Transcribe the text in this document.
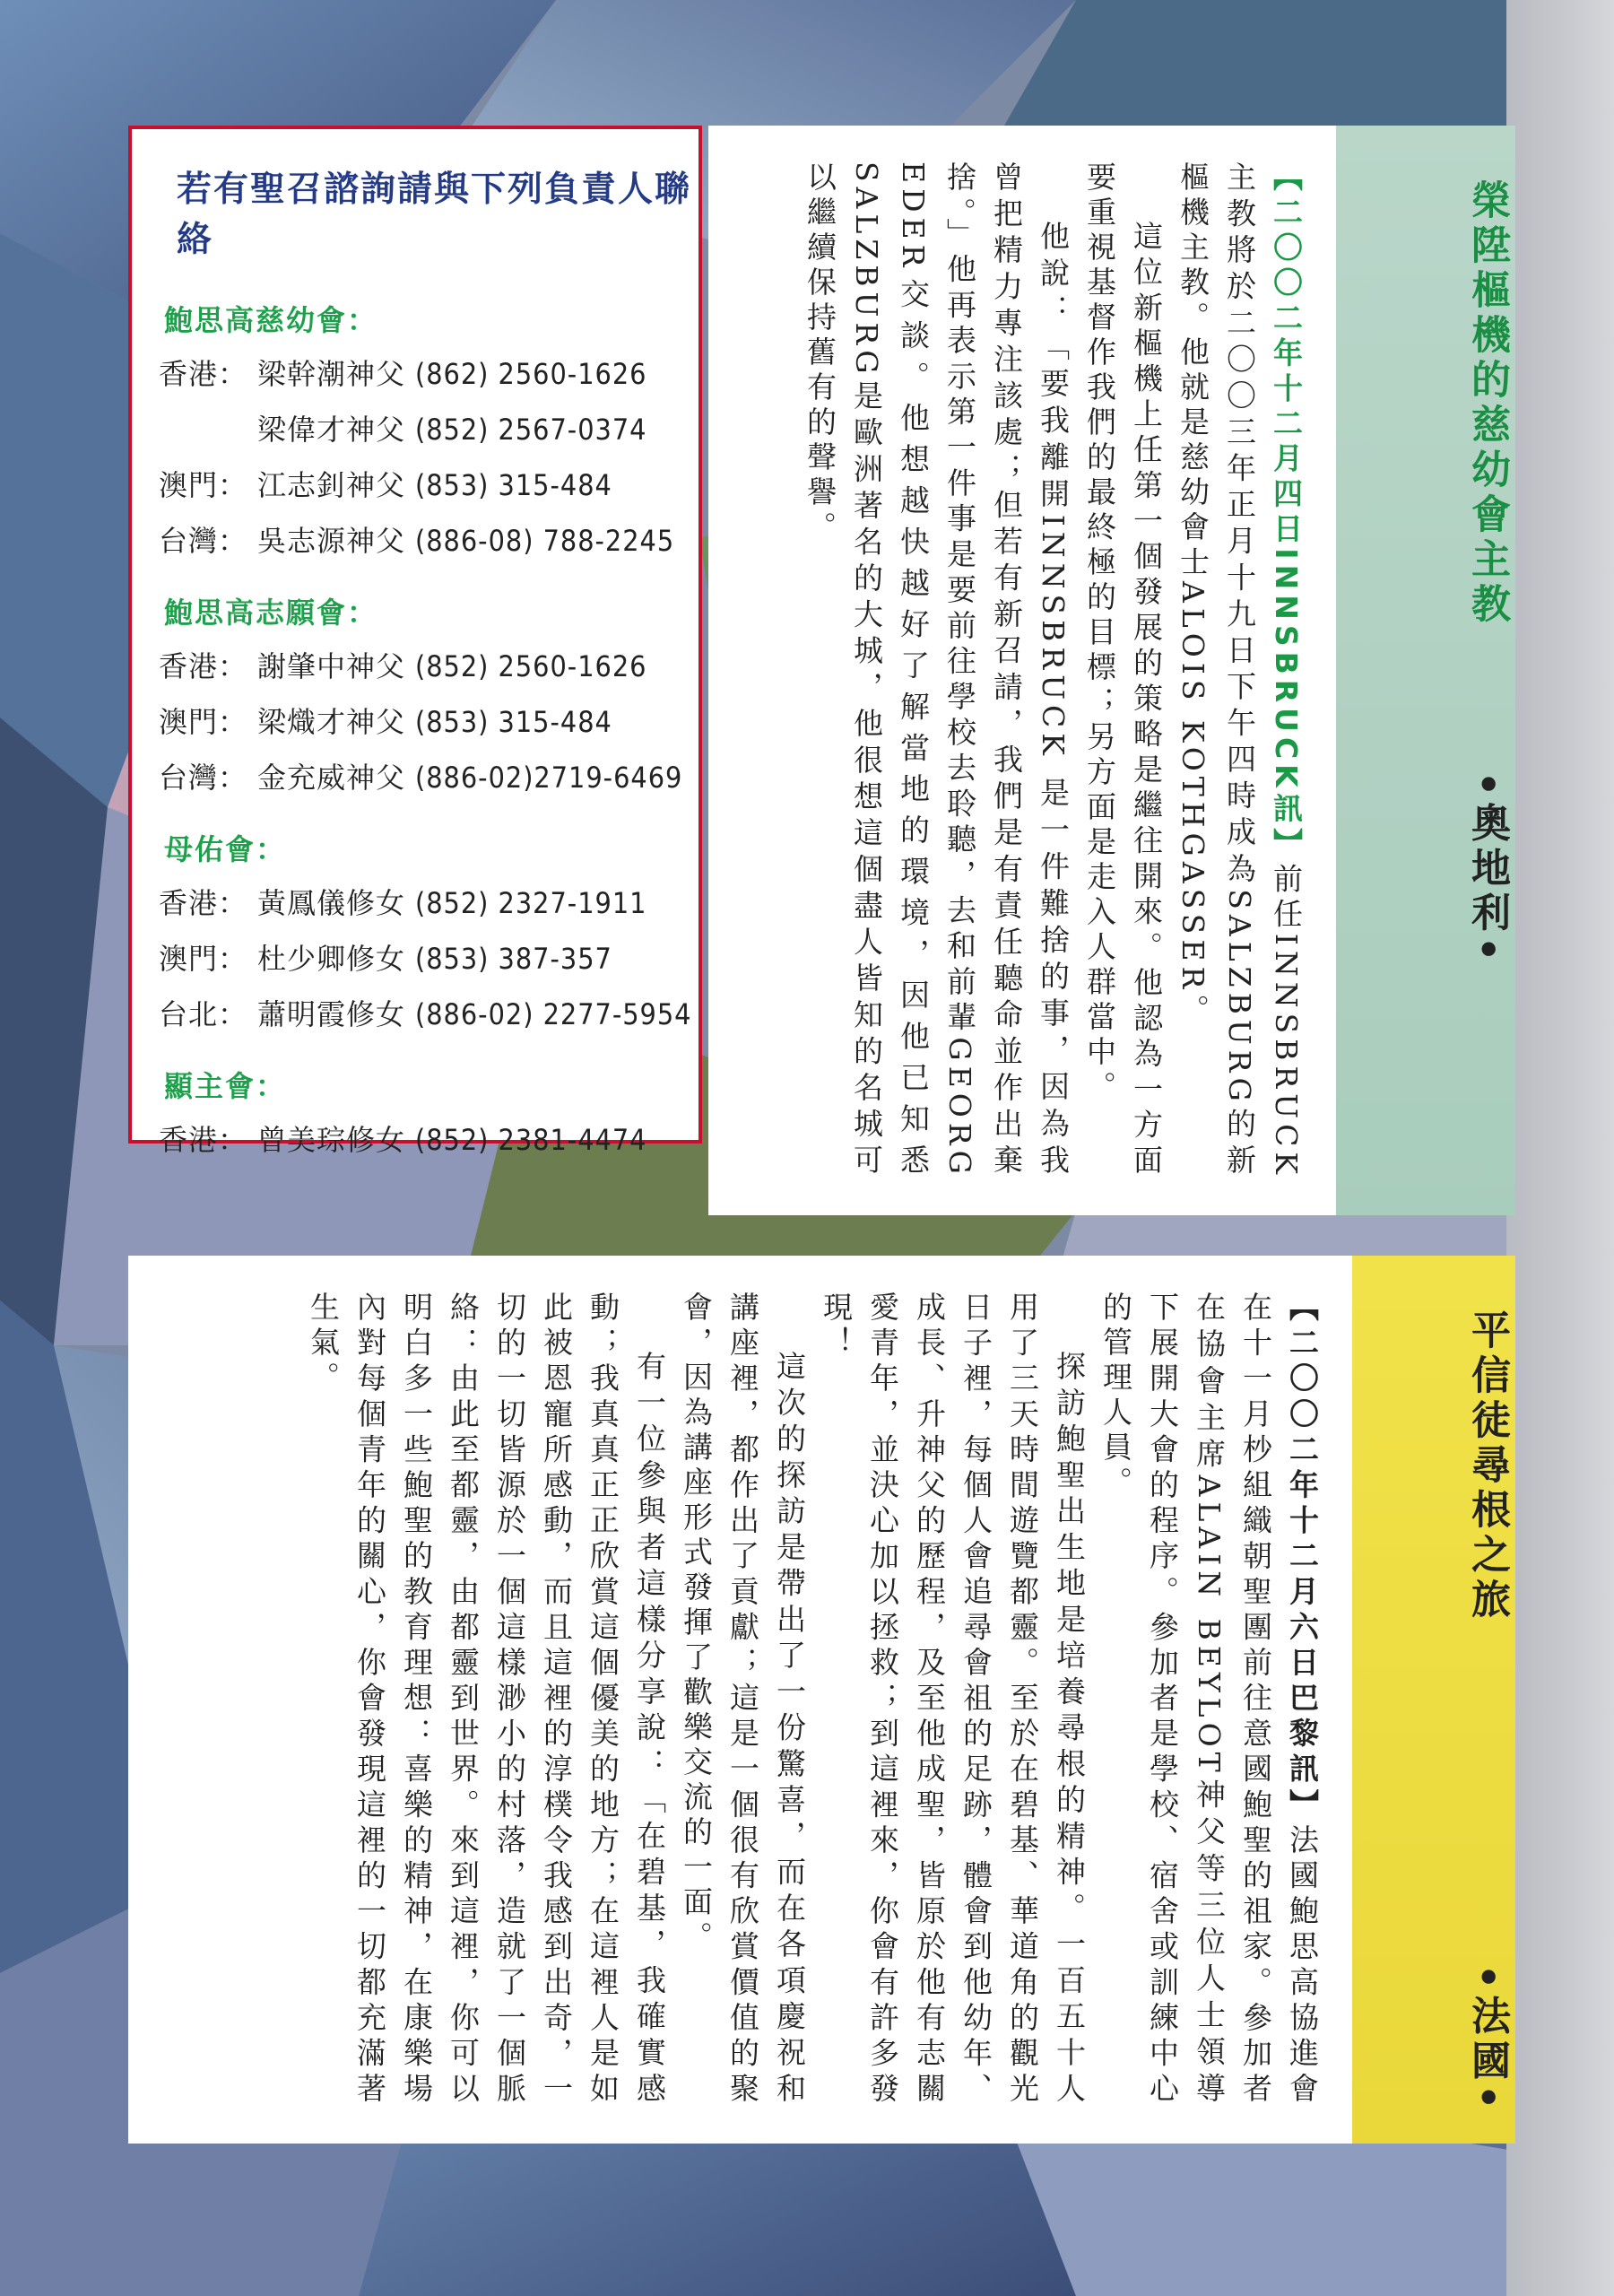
若有聖召諮詢請與下列負責人聯絡
鮑思高慈幼會：
香港： 梁幹潮神父 (862) 2560-1626
梁偉才神父 (852) 2567-0374
澳門： 江志釗神父 (853) 315-484
台灣： 吳志源神父 (886-08) 788-2245
鮑思高志願會：
香港： 謝肇中神父 (852) 2560-1626
澳門： 梁熾才神父 (853) 315-484
台灣： 金充威神父 (886-02)2719-6469
母佑會：
香港： 黃鳳儀修女 (852) 2327-1911
澳門： 杜少卿修女 (853) 387-357
台北： 蕭明霞修女 (886-02) 2277-5954
顯主會：
香港： 曾美琮修女 (852) 2381-4474
榮陞樞機的慈幼會主教
•奧地利•

【二〇〇二年十二月四日INNSBRUCK訊】前任INNSBRUCK主教將於二〇〇三年正月十九日下午四時成為SALZBURG的新樞機主教。他就是慈幼會士ALOIS KOTHGASSER。

這位新樞機上任第一個發展的策略是繼往開來。他認為一方面要重視基督作我們的最終極的目標；另方面是走入人群當中。

他說：「要我離開INNSBRUCK 是一件難捨的事，因為我曾把精力專注該處；但若有新召請，我們是有責任聽命並作出棄捨。」他再表示第一件事是要前往學校去聆聽，去和前輩GEORG EDER交談。他想越快越好了解當地的環境，因他已知悉SALZBURG是歐洲著名的大城，他很想這個盡人皆知的名城可以繼續保持舊有的聲譽。

平信徒尋根之旅
•法國•

【二〇〇二年十二月六日巴黎訊】法國鮑思高協進會在十一月杪組織朝聖團前往意國鮑聖的祖家。參加者在協會主席ALAIN BEYLOT神父等三位人士領導下展開大會的程序。參加者是學校、宿舍或訓練中心的管理人員。

探訪鮑聖出生地是培養尋根的精神。一百五十人用了三天時間遊覽都靈。至於在碧基、華道角的觀光日子裡，每個人會追尋會祖的足跡，體會到他幼年、成長、升神父的歷程，及至他成聖，皆原於他有志關愛青年，並決心加以拯救；到這裡來，你會有許多發現！

這次的探訪是帶出了一份驚喜，而在各項慶祝和講座裡，都作出了貢獻；這是一個很有欣賞價值的聚會，因為講座形式發揮了歡樂交流的一面。

有一位參與者這樣分享說：「在碧基，我確實感動；我真真正正欣賞這個優美的地方；在這裡人是如此被恩寵所感動，而且這裡的淳樸令我感到出奇，一切的一切皆源於一個這樣渺小的村落，造就了一個脈絡：由此至都靈，由都靈到世界。來到這裡，你可以明白多一些鮑聖的教育理想：喜樂的精神，在康樂場內對每個青年的關心，你會發現這裡的一切都充滿著生氣。
